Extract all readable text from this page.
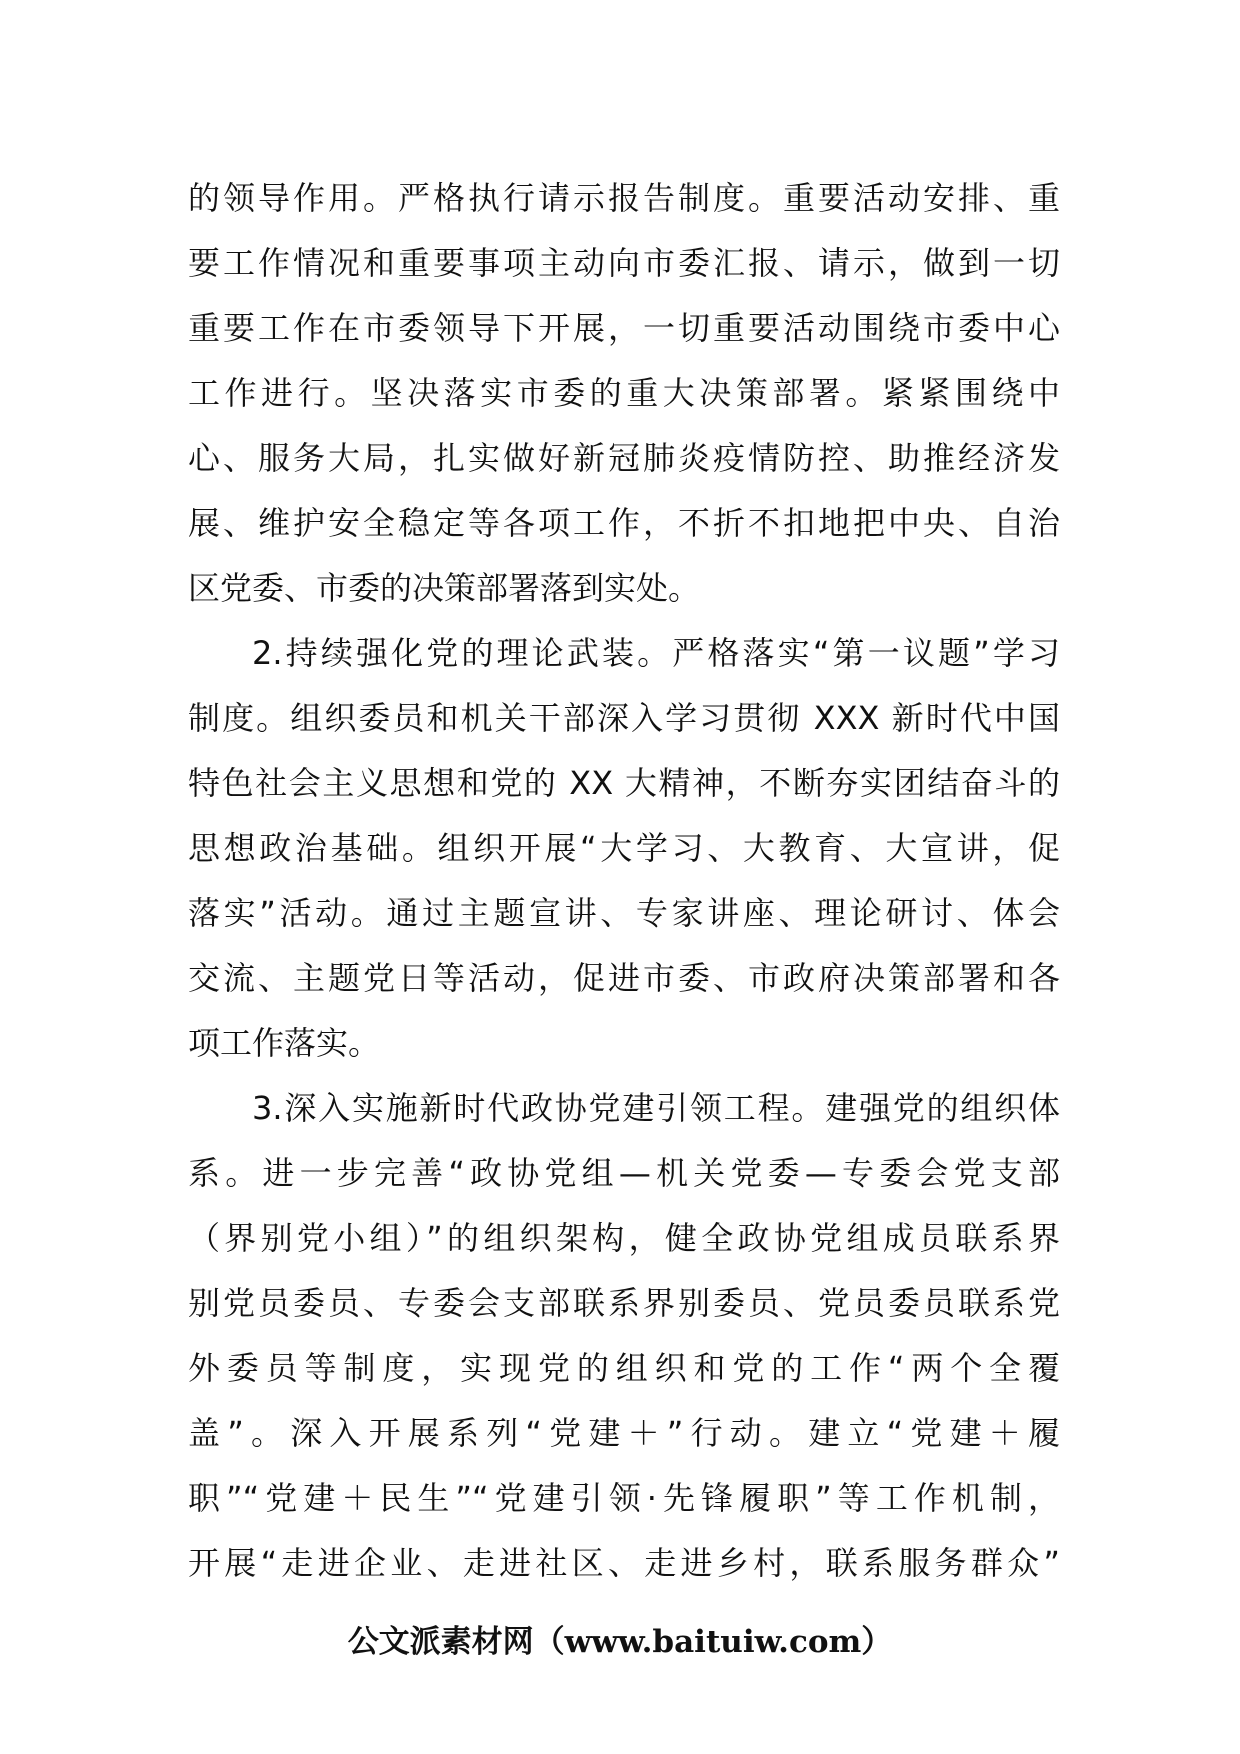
的领导作用。严格执行请示报告制度。重要活动安排、重
要工作情况和重要事项主动向市委汇报、请示，做到一切
重要工作在市委领导下开展，一切重要活动围绕市委中心
工作进行。坚决落实市委的重大决策部署。紧紧围绕中
心、服务大局，扎实做好新冠肺炎疫情防控、助推经济发
展、维护安全稳定等各项工作，不折不扣地把中央、自治
区党委、市委的决策部署落到实处。
2.持续强化党的理论武装。严格落实“第一议题”学习
制度。组织委员和机关干部深入学习贯彻 XXX 新时代中国
特色社会主义思想和党的 XX 大精神，不断夯实团结奋斗的
思想政治基础。组织开展“大学习、大教育、大宣讲，促
落实”活动。通过主题宣讲、专家讲座、理论研讨、体会
交流、主题党日等活动，促进市委、市政府决策部署和各
项工作落实。
3.深入实施新时代政协党建引领工程。建强党的组织体
系。进一步完善“政协党组—机关党委—专委会党支部
（界别党小组）”的组织架构，健全政协党组成员联系界
别党员委员、专委会支部联系界别委员、党员委员联系党
外委员等制度，实现党的组织和党的工作“两个全覆
盖”。深入开展系列“党建＋”行动。建立“党建＋履
职”“党建＋民生”“党建引领·先锋履职”等工作机制，
开展“走进企业、走进社区、走进乡村，联系服务群众”
公文派素材网（www.baituiw.com）
